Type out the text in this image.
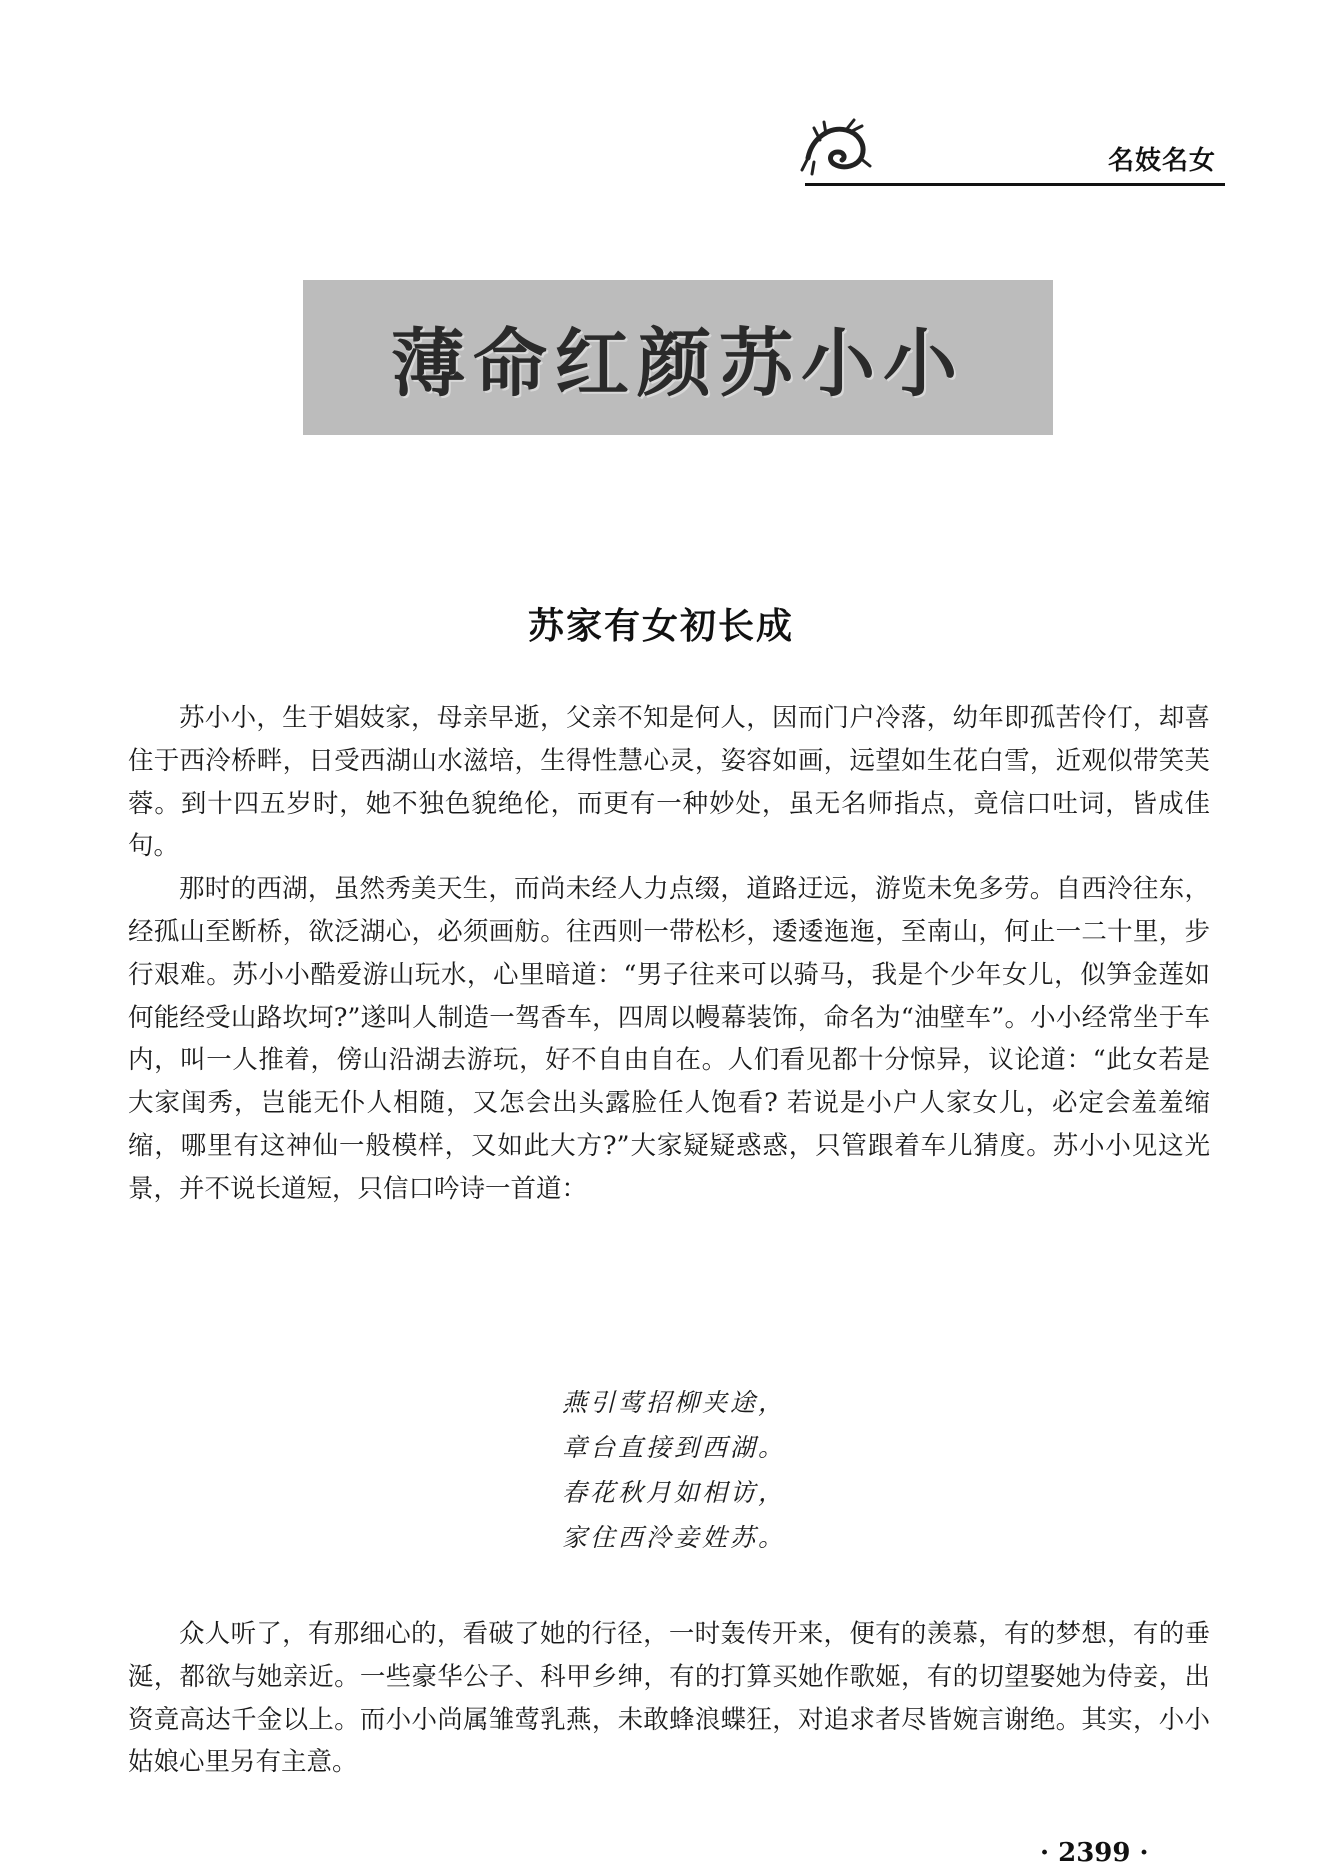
名妓名女
薄命红颜苏小小
苏家有女初长成

苏小小，生于娼妓家，母亲早逝，父亲不知是何人，因而门户冷落，幼年即孤苦伶仃，却喜住于西泠桥畔，日受西湖山水滋培，生得性慧心灵，姿容如画，远望如生花白雪，近观似带笑芙蓉。到十四五岁时，她不独色貌绝伦，而更有一种妙处，虽无名师指点，竟信口吐词，皆成佳句。

那时的西湖，虽然秀美天生，而尚未经人力点缀，道路迂远，游览未免多劳。自西泠往东，经孤山至断桥，欲泛湖心，必须画舫。往西则一带松杉，逶逶迤迤，至南山，何止一二十里，步行艰难。苏小小酷爱游山玩水，心里暗道：“男子往来可以骑马，我是个少年女儿，似笋金莲如何能经受山路坎坷?”遂叫人制造一驾香车，四周以幔幕装饰，命名为“油壁车”。小小经常坐于车内，叫一人推着，傍山沿湖去游玩，好不自由自在。人们看见都十分惊异，议论道：“此女若是大家闺秀，岂能无仆人相随，又怎会出头露脸任人饱看? 若说是小户人家女儿，必定会羞羞缩缩，哪里有这神仙一般模样，又如此大方?”大家疑疑惑惑，只管跟着车儿猜度。苏小小见这光景，并不说长道短，只信口吟诗一首道：

燕引莺招柳夹途，
章台直接到西湖。
春花秋月如相访，
家住西泠妾姓苏。

众人听了，有那细心的，看破了她的行径，一时轰传开来，便有的羡慕，有的梦想，有的垂涎，都欲与她亲近。一些豪华公子、科甲乡绅，有的打算买她作歌姬，有的切望娶她为侍妾，出资竟高达千金以上。而小小尚属雏莺乳燕，未敢蜂浪蝶狂，对追求者尽皆婉言谢绝。其实，小小姑娘心里另有主意。

· 2399 ·
